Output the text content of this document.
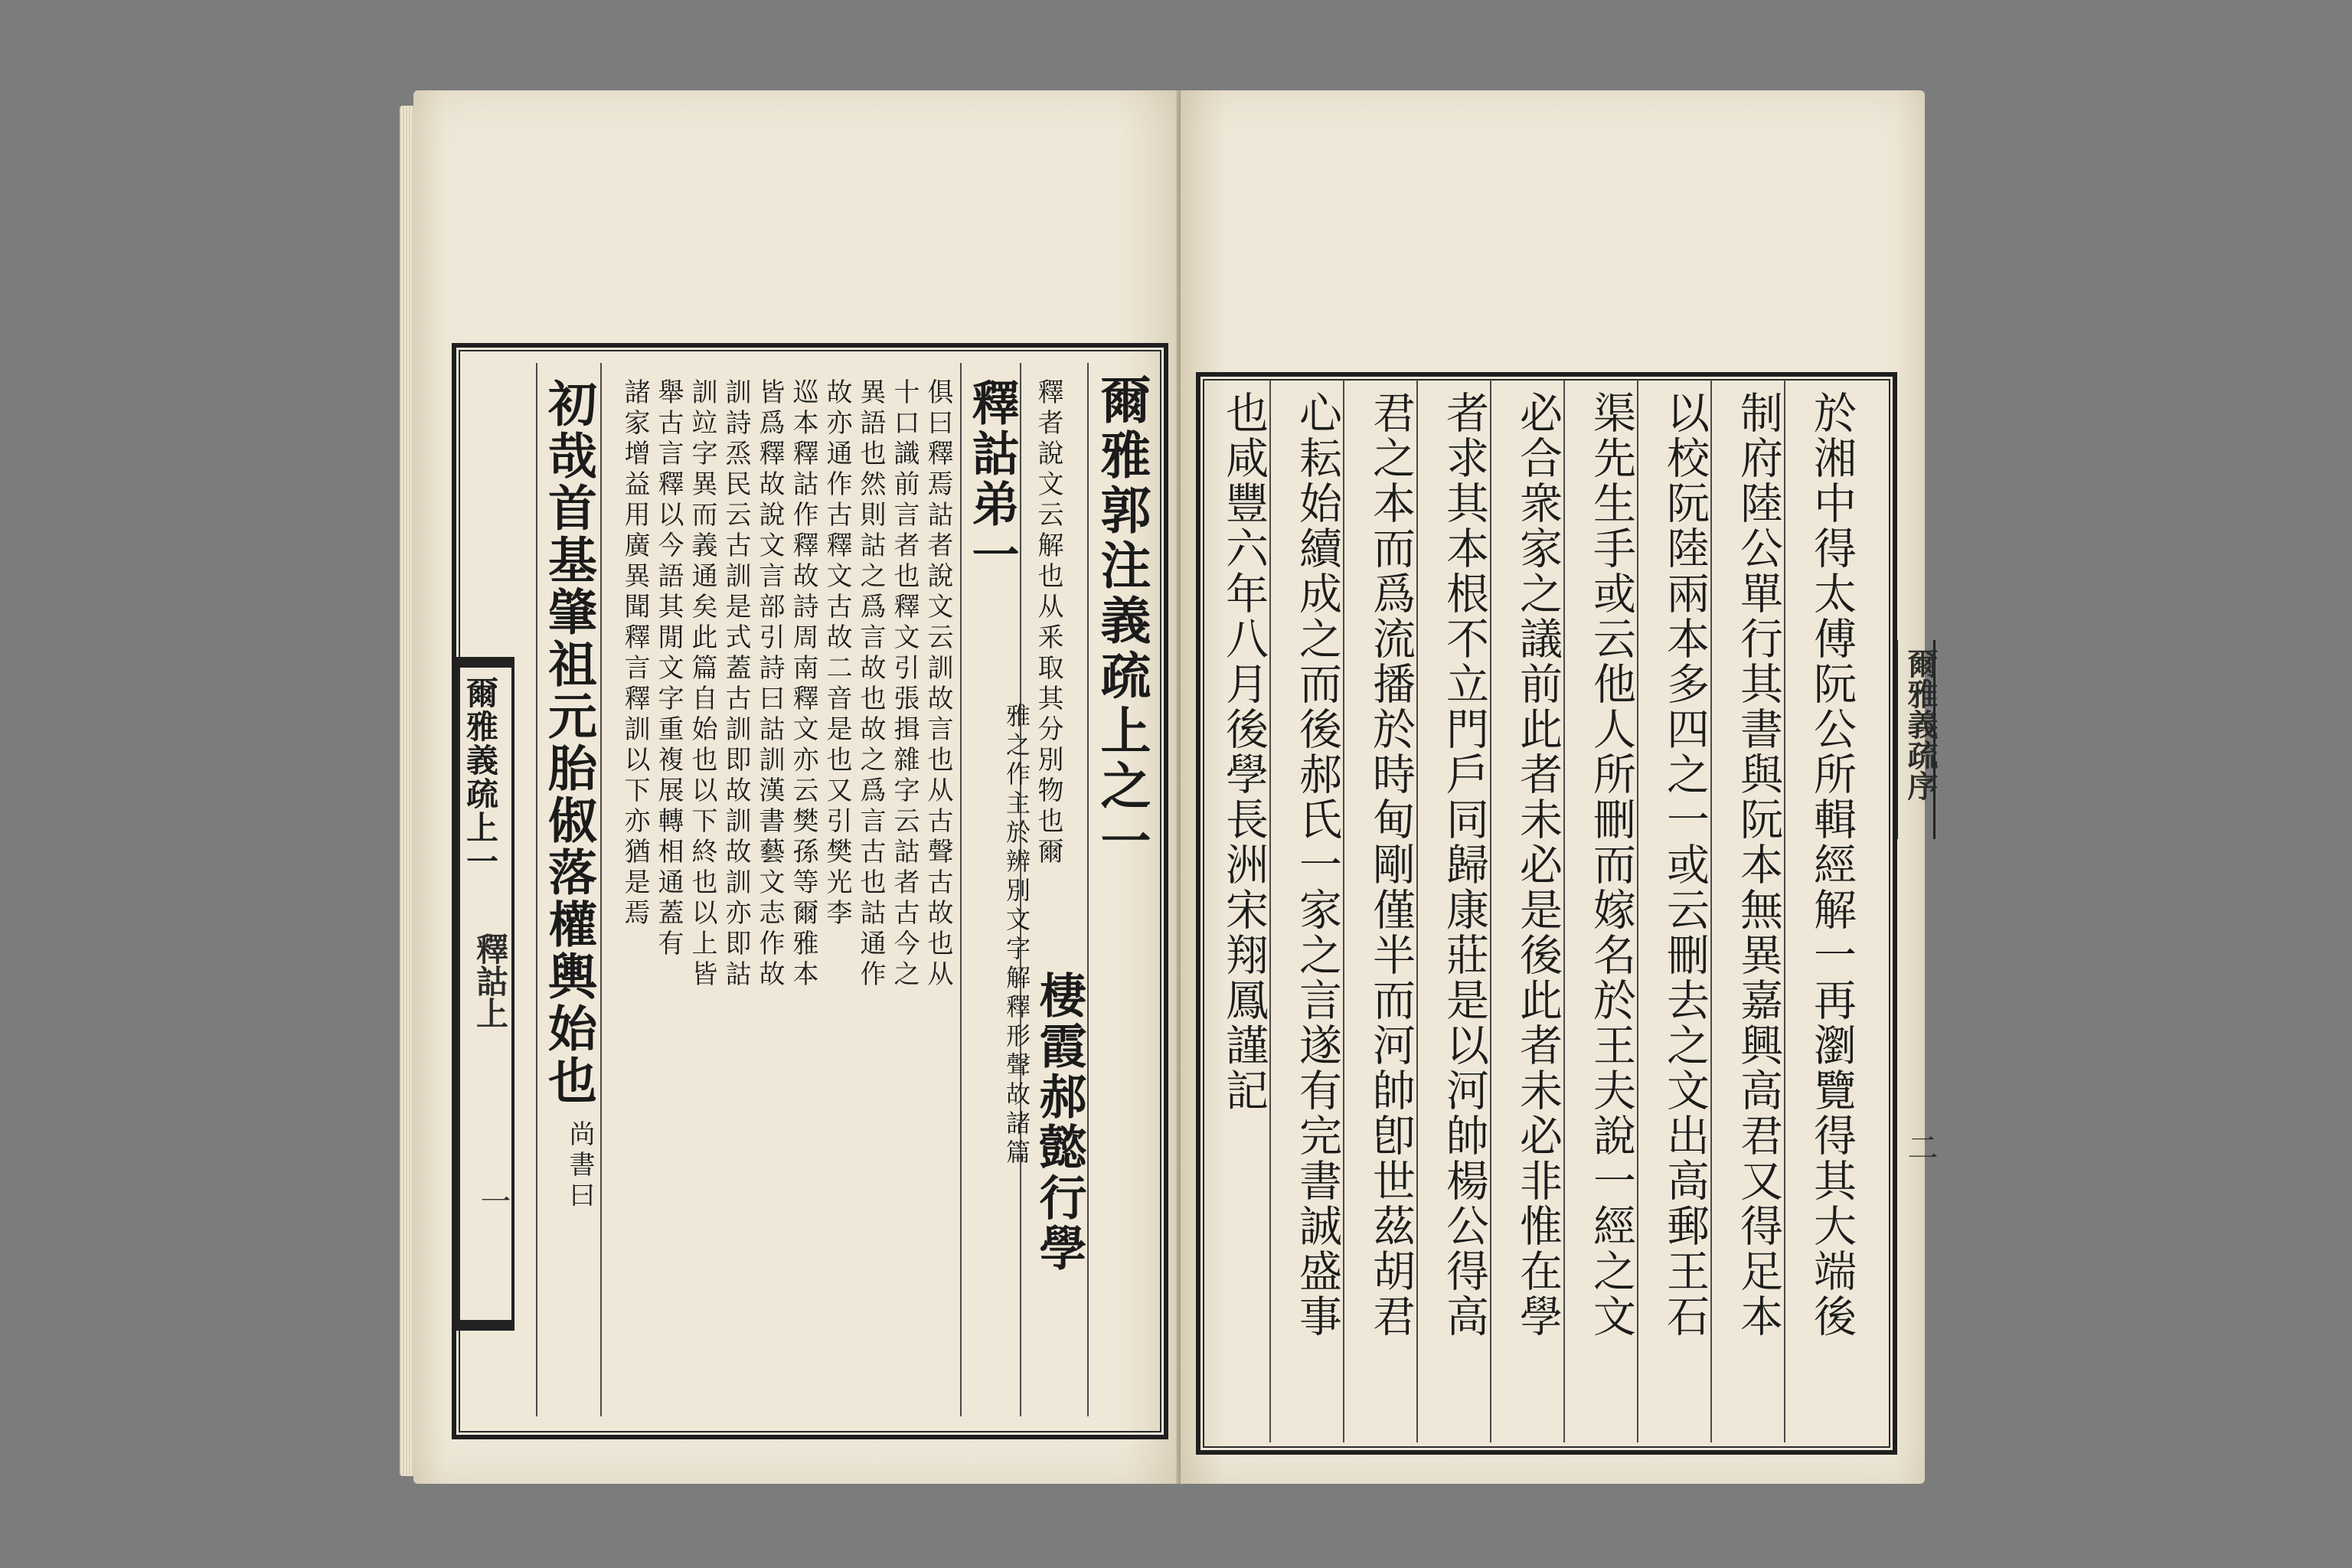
爾雅義疏上一
釋詁上
一
爾雅郭注義疏上之一
棲霞郝懿行學
釋詁弟一 釋者說文云解也从釆取其分別物也爾
雅之作主於辨別文字解釋形聲故諸篇
俱曰釋焉詁者說文云訓故言也从古聲古故也从
十口識前言者也釋文引張揖雜字云詁者古今之
異語也然則詁之爲言故也故之爲言古也詁通作
故亦通作古釋文古故二音是也又引樊光李
巡本釋詁作釋故詩周南釋文亦云樊孫等爾雅本
皆爲釋故說文言部引詩曰詁訓漢書藝文志作故
訓詩烝民云古訓是式蓋古訓即故訓故訓亦即詁
訓竝字異而義通矣此篇自始也以下終也以上皆
舉古言釋以今語其閒文字重複展轉相通蓋有
諸家增益用廣異聞釋言釋訓以下亦猶是焉
初哉首基肇祖元胎俶落權輿始也
尚書曰	於湘中得太傅阮公所輯經解一再瀏覽得其大端後
制府陸公單行其書與阮本無異嘉興高君又得足本
以校阮陸兩本多四之一或云刪去之文出高郵王石
渠先生手或云他人所刪而嫁名於王夫說一經之文
必合衆家之議前此者未必是後此者未必非惟在學
者求其本根不立門戶同歸康莊是以河帥楊公得高
君之本而爲流播於時甸剛僅半而河帥卽世茲胡君
心耘始續成之而後郝氏一家之言遂有完書誠盛事
也咸豐六年八月後學長洲宋翔鳳謹記	爾雅義疏序
二
